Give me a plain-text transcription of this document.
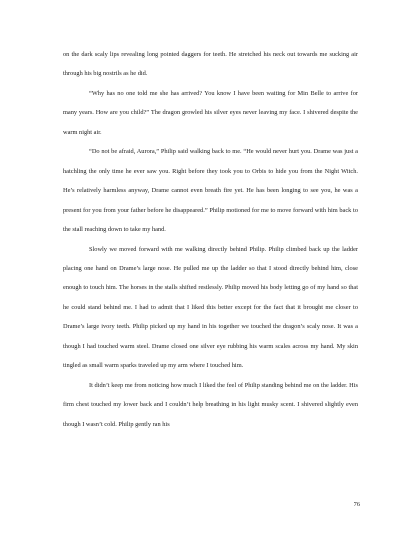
on the dark scaly lips revealing long pointed daggers for teeth. He stretched his neck out towards me sucking air through his big nostrils as he did.

“Why has no one told me she has arrived? You know I have been waiting for Min Belle to arrive for many years. How are you child?” The dragon growled his silver eyes never leaving my face. I shivered despite the warm night air.

“Do not be afraid, Aurora,” Philip said walking back to me. “He would never hurt you. Drame was just a hatchling the only time he ever saw you. Right before they took you to Orbis to hide you from the Night Witch. He’s relatively harmless anyway, Drame cannot even breath fire yet. He has been longing to see you, he was a present for you from your father before he disappeared.” Philip motioned for me to move forward with him back to the stall reaching down to take my hand.

Slowly we moved forward with me walking directly behind Philip. Philip climbed back up the ladder placing one hand on Drame’s large nose. He pulled me up the ladder so that I stood directly behind him, close enough to touch him. The horses in the stalls shifted restlessly. Philip moved his body letting go of my hand so that he could stand behind me. I had to admit that I liked this better except for the fact that it brought me closer to Drame’s large ivory teeth. Philip picked up my hand in his together we touched the dragon’s scaly nose. It was a though I had touched warm steel. Drame closed one silver eye rubbing his warm scales across my hand. My skin tingled as small warm sparks traveled up my arm where I touched him.

It didn’t keep me from noticing how much I liked the feel of Philip standing behind me on the ladder. His firm chest touched my lower back and I couldn’t help breathing in his light musky scent. I shivered slightly even though I wasn’t cold. Philip gently ran his

76
